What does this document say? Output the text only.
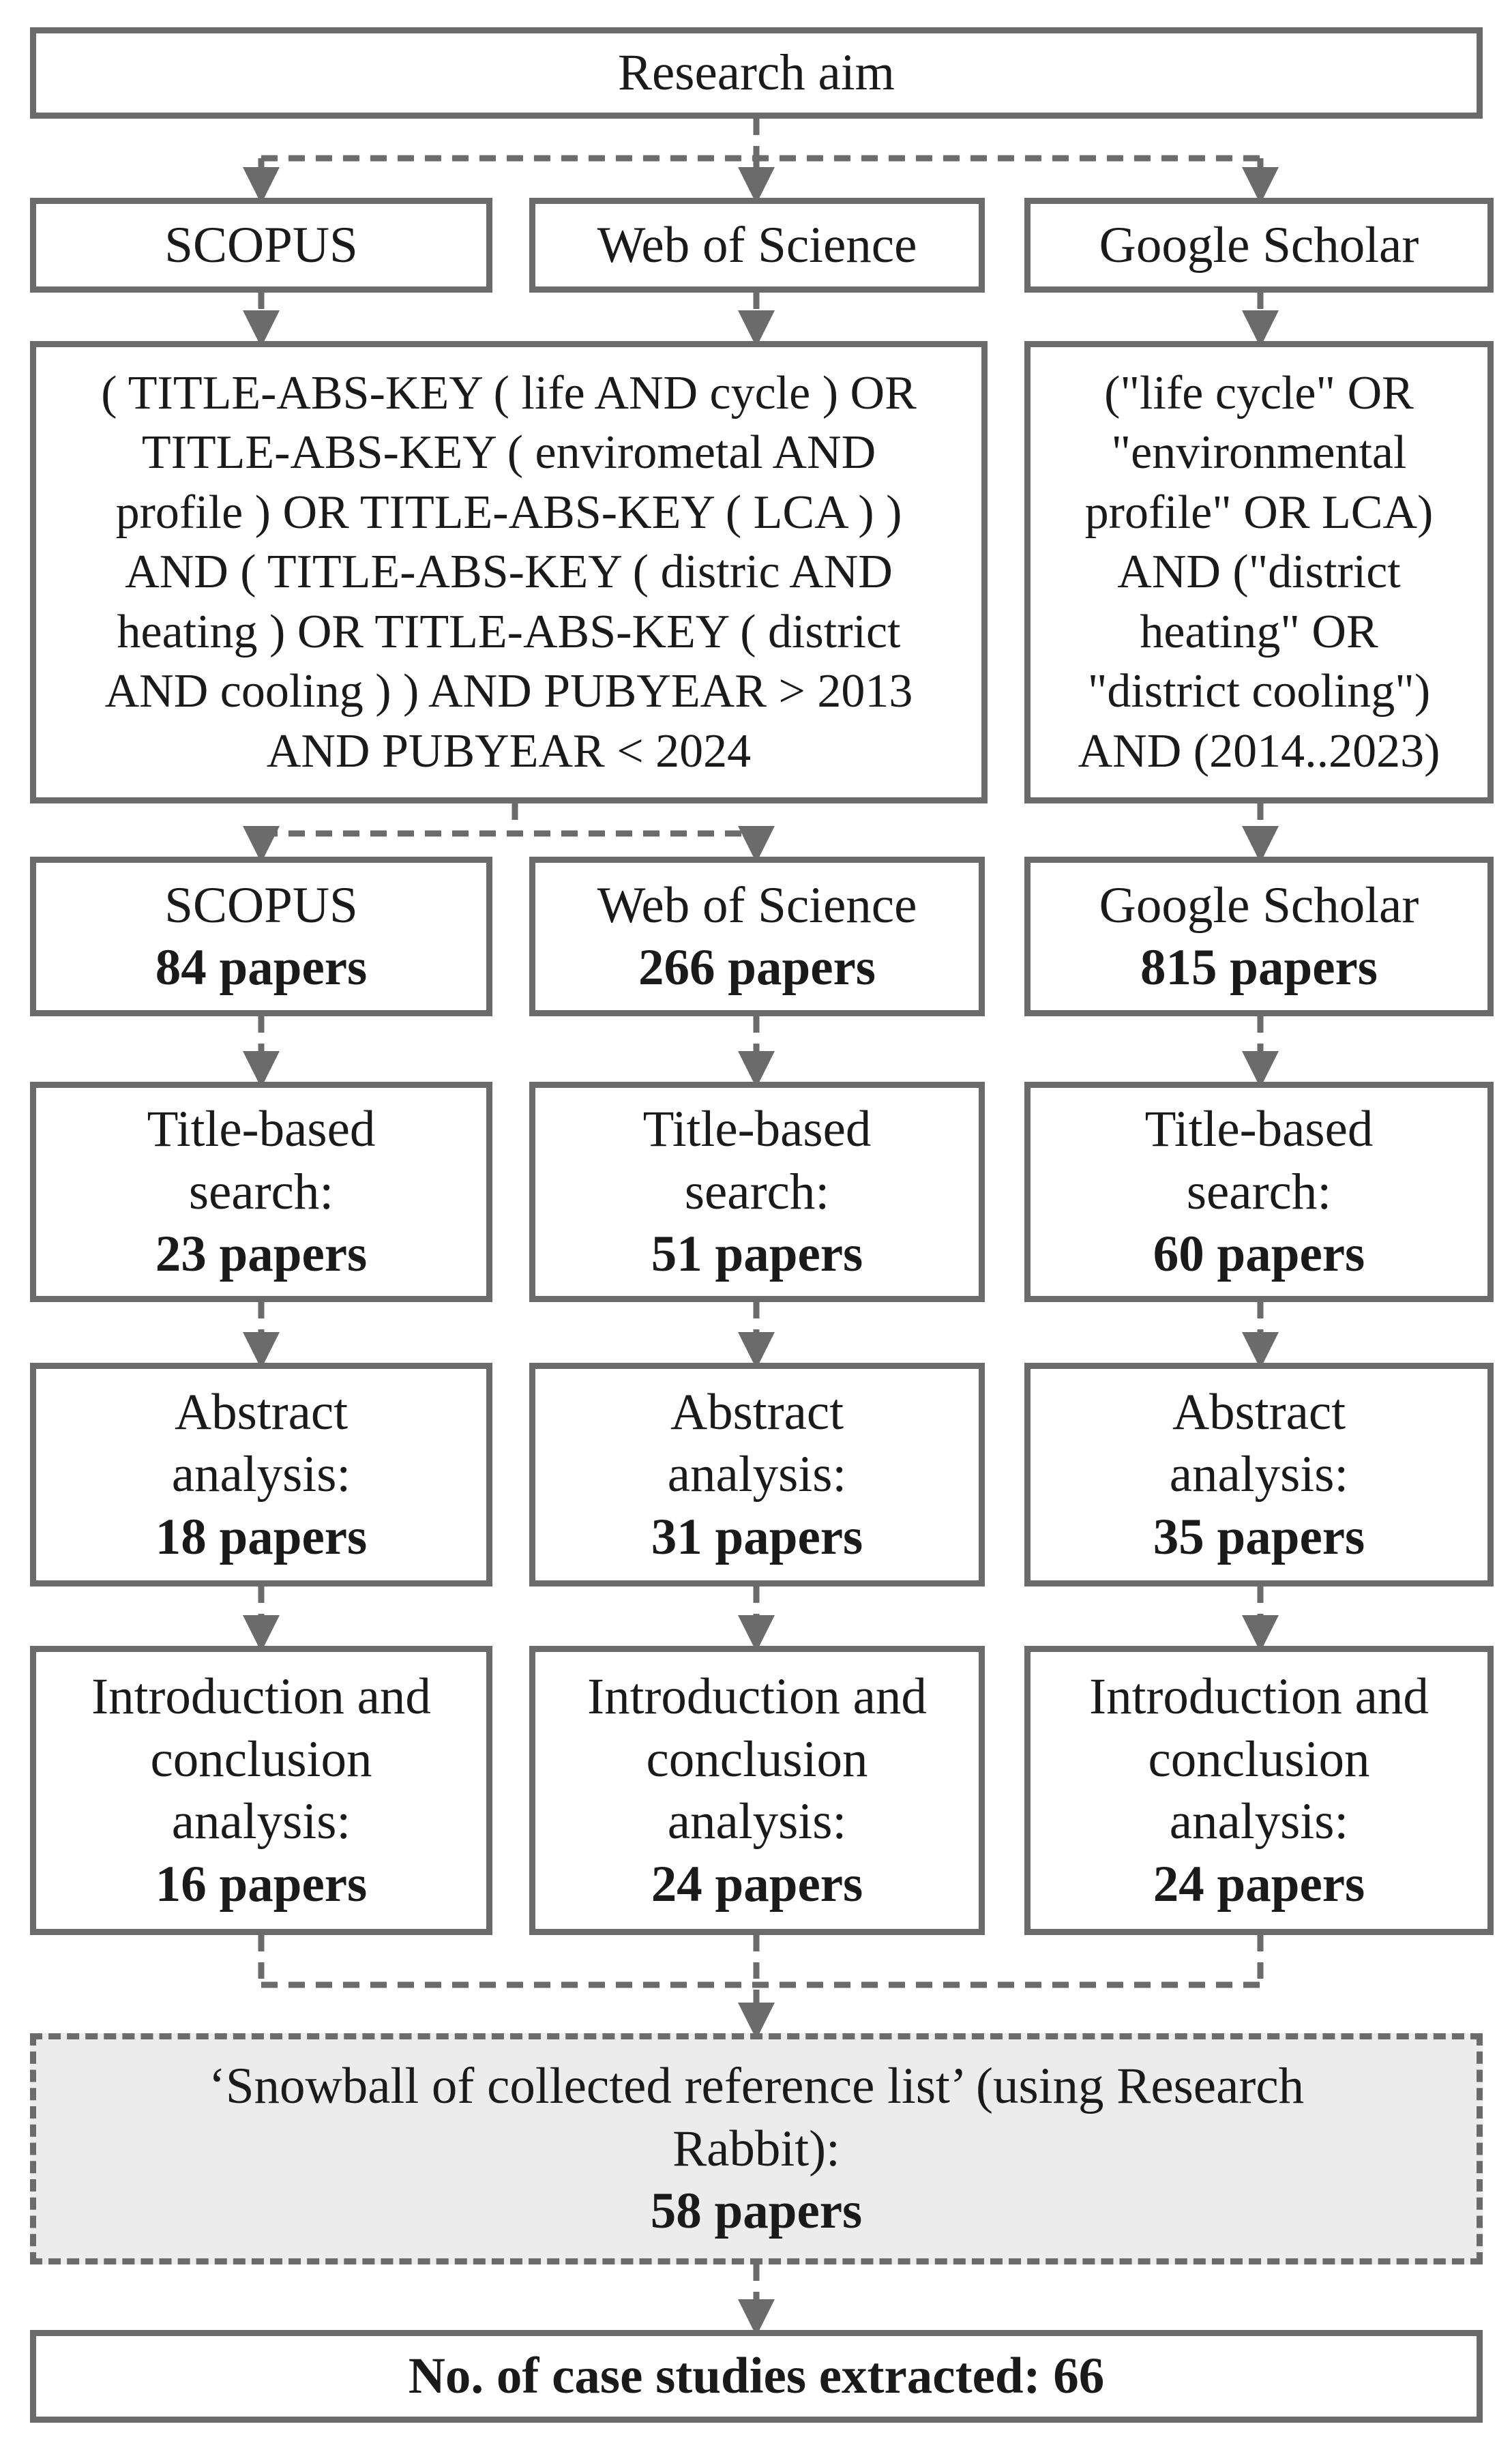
Research aim
SCOPUS	Web of Science	Google Scholar
( TITLE-ABS-KEY ( life AND cycle ) OR
TITLE-ABS-KEY ( envirometal AND
profile ) OR TITLE-ABS-KEY ( LCA ) )
AND ( TITLE-ABS-KEY ( distric AND
heating ) OR TITLE-ABS-KEY ( district
AND cooling ) ) AND PUBYEAR > 2013
AND PUBYEAR < 2024
("life cycle" OR
"environmental
profile" OR LCA)
AND ("district
heating" OR
"district cooling")
AND (2014..2023)
SCOPUS
84 papers
Web of Science
266 papers
Google Scholar
815 papers
Title-based
search:
23 papers
Title-based
search:
51 papers
Title-based
search:
60 papers
Abstract
analysis:
18 papers
Abstract
analysis:
31 papers
Abstract
analysis:
35 papers
Introduction and
conclusion
analysis:
16 papers
Introduction and
conclusion
analysis:
24 papers
Introduction and
conclusion
analysis:
24 papers
‘Snowball of collected reference list’ (using Research
Rabbit):
58 papers
No. of case studies extracted: 66
